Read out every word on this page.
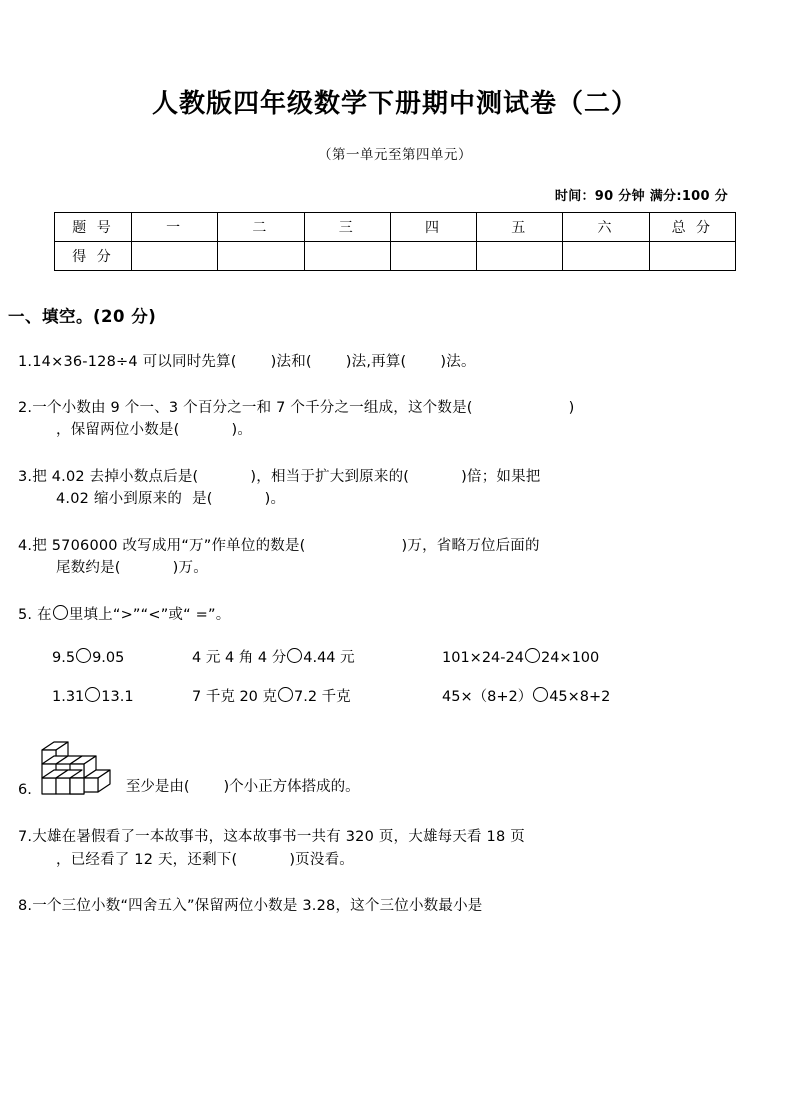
人教版四年级数学下册期中测试卷（二）
（第一单元至第四单元）
时间：90 分钟 满分:100 分
题 号	一	二	三	四	五	六	总 分
得 分							
一、填空。(20 分)
1.14×36-128÷4 可以同时先算( )法和( )法,再算( )法。
2.一个小数由 9 个一、3 个百分之一和 7 个千分之一组成，这个数是(	)
，保留两位小数是(	)。
3.把 4.02 去掉小数点后是(	)，相当于扩大到原来的(	)倍；如果把
4.02 缩小到原来的 是(	)。
4.把 5706000 改写成用“万”作单位的数是(	)万，省略万位后面的
尾数约是(	)万。
5. 在 里填上“>”“<”或“ =”。
9.5 9.05	4 元 4 角 4 分 4.44 元	101×24-24 24×100
1.31 13.1	7 千克 20 克 7.2 千克	45×（8+2） 45×8+2
6.	至少是由( )个小正方体搭成的。
7.大雄在暑假看了一本故事书，这本故事书一共有 320 页，大雄每天看 18 页
，已经看了 12 天，还剩下(	)页没看。
8.一个三位小数“四舍五入”保留两位小数是 3.28，这个三位小数最小是
